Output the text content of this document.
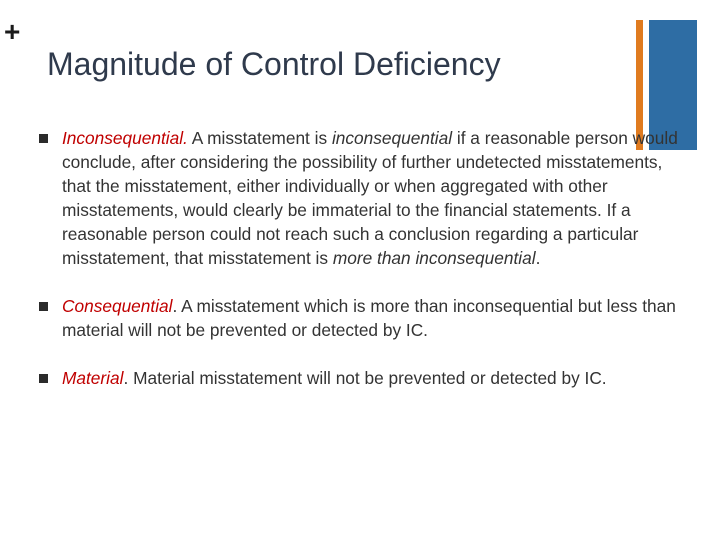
+
Magnitude of Control Deficiency
Inconsequential. A misstatement is inconsequential if a reasonable person would conclude, after considering the possibility of further undetected misstatements, that the misstatement, either individually or when aggregated with other misstatements, would clearly be immaterial to the financial statements. If a reasonable person could not reach such a conclusion regarding a particular misstatement, that misstatement is more than inconsequential.
Consequential. A misstatement which is more than inconsequential but less than material will not be prevented or detected by IC.
Material. Material misstatement will not be prevented or detected by IC.
